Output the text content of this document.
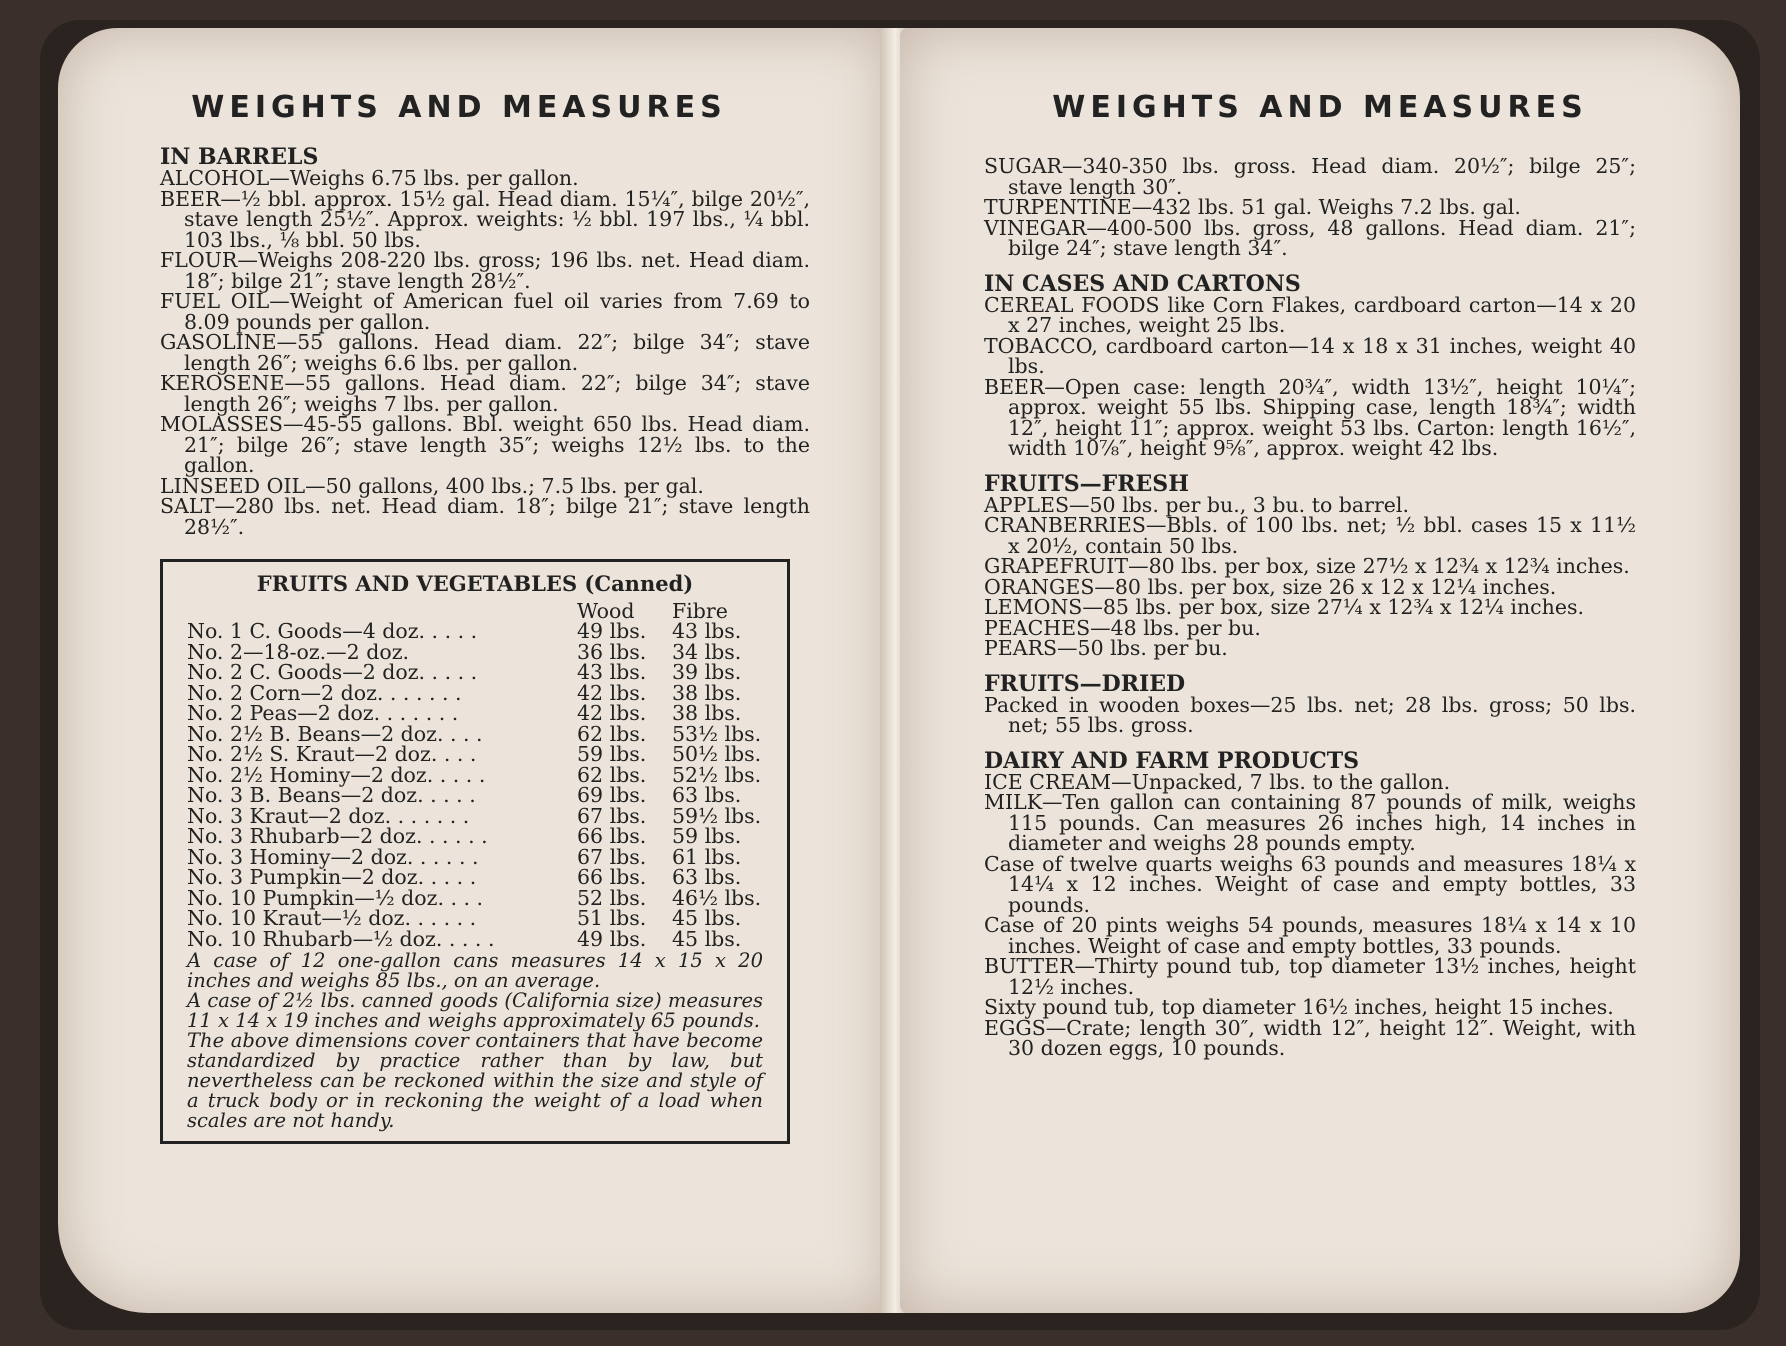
WEIGHTS AND MEASURES
IN BARRELS
ALCOHOL—Weighs 6.75 lbs. per gallon.
BEER—½ bbl. approx. 15½ gal. Head diam. 15¼″, bilge 20½″, stave length 25½″. Approx. weights: ½ bbl. 197 lbs., ¼ bbl. 103 lbs., ⅛ bbl. 50 lbs.
FLOUR—Weighs 208-220 lbs. gross; 196 lbs. net. Head diam. 18″; bilge 21″; stave length 28½″.
FUEL OIL—Weight of American fuel oil varies from 7.69 to 8.09 pounds per gallon.
GASOLINE—55 gallons. Head diam. 22″; bilge 34″; stave length 26″; weighs 6.6 lbs. per gallon.
KEROSENE—55 gallons. Head diam. 22″; bilge 34″; stave length 26″; weighs 7 lbs. per gallon.
MOLASSES—45-55 gallons. Bbl. weight 650 lbs. Head diam. 21″; bilge 26″; stave length 35″; weighs 12½ lbs. to the gallon.
LINSEED OIL—50 gallons, 400 lbs.; 7.5 lbs. per gal.
SALT—280 lbs. net. Head diam. 18″; bilge 21″; stave length 28½″.
FRUITS AND VEGETABLES (Canned)
	Wood	Fibre
No. 1 C. Goods—4 doz. . . . .	49 lbs.	43 lbs.
No. 2—18-oz.—2 doz.	36 lbs.	34 lbs.
No. 2 C. Goods—2 doz. . . . .	43 lbs.	39 lbs.
No. 2 Corn—2 doz. . . . . . .	42 lbs.	38 lbs.
No. 2 Peas—2 doz. . . . . . .	42 lbs.	38 lbs.
No. 2½ B. Beans—2 doz. . . .	62 lbs.	53½ lbs.
No. 2½ S. Kraut—2 doz. . . .	59 lbs.	50½ lbs.
No. 2½ Hominy—2 doz. . . . .	62 lbs.	52½ lbs.
No. 3 B. Beans—2 doz. . . . .	69 lbs.	63 lbs.
No. 3 Kraut—2 doz. . . . . . .	67 lbs.	59½ lbs.
No. 3 Rhubarb—2 doz. . . . . .	66 lbs.	59 lbs.
No. 3 Hominy—2 doz. . . . . .	67 lbs.	61 lbs.
No. 3 Pumpkin—2 doz. . . . .	66 lbs.	63 lbs.
No. 10 Pumpkin—½ doz. . . .	52 lbs.	46½ lbs.
No. 10 Kraut—½ doz. . . . . .	51 lbs.	45 lbs.
No. 10 Rhubarb—½ doz. . . . .	49 lbs.	45 lbs.

A case of 12 one-gallon cans measures 14 x 15 x 20 inches and weighs 85 lbs., on an average.

A case of 2½ lbs. canned goods (California size) measures 11 x 14 x 19 inches and weighs approximately 65 pounds.

The above dimensions cover containers that have become standardized by practice rather than by law, but nevertheless can be reckoned within the size and style of a truck body or in reckoning the weight of a load when scales are not handy.

WEIGHTS AND MEASURES
SUGAR—340-350 lbs. gross. Head diam. 20½″; bilge 25″; stave length 30″.
TURPENTINE—432 lbs. 51 gal. Weighs 7.2 lbs. gal.
VINEGAR—400-500 lbs. gross, 48 gallons. Head diam. 21″; bilge 24″; stave length 34″.
IN CASES AND CARTONS
CEREAL FOODS like Corn Flakes, cardboard carton—14 x 20 x 27 inches, weight 25 lbs.
TOBACCO, cardboard carton—14 x 18 x 31 inches, weight 40 lbs.
BEER—Open case: length 20¾″, width 13½″, height 10¼″; approx. weight 55 lbs. Shipping case, length 18¾″; width 12″, height 11″; approx. weight 53 lbs. Carton: length 16½″, width 10⅞″, height 9⅝″, approx. weight 42 lbs.
FRUITS—FRESH
APPLES—50 lbs. per bu., 3 bu. to barrel.
CRANBERRIES—Bbls. of 100 lbs. net; ½ bbl. cases 15 x 11½ x 20½, contain 50 lbs.
GRAPEFRUIT—80 lbs. per box, size 27½ x 12¾ x 12¾ inches.
ORANGES—80 lbs. per box, size 26 x 12 x 12¼ inches.
LEMONS—85 lbs. per box, size 27¼ x 12¾ x 12¼ inches.
PEACHES—48 lbs. per bu.
PEARS—50 lbs. per bu.
FRUITS—DRIED
Packed in wooden boxes—25 lbs. net; 28 lbs. gross; 50 lbs. net; 55 lbs. gross.
DAIRY AND FARM PRODUCTS
ICE CREAM—Unpacked, 7 lbs. to the gallon.
MILK—Ten gallon can containing 87 pounds of milk, weighs 115 pounds. Can measures 26 inches high, 14 inches in diameter and weighs 28 pounds empty.
Case of twelve quarts weighs 63 pounds and measures 18¼ x 14¼ x 12 inches. Weight of case and empty bottles, 33 pounds.
Case of 20 pints weighs 54 pounds, measures 18¼ x 14 x 10 inches. Weight of case and empty bottles, 33 pounds.
BUTTER—Thirty pound tub, top diameter 13½ inches, height 12½ inches.
Sixty pound tub, top diameter 16½ inches, height 15 inches.
EGGS—Crate; length 30″, width 12″, height 12″. Weight, with 30 dozen eggs, 10 pounds.
